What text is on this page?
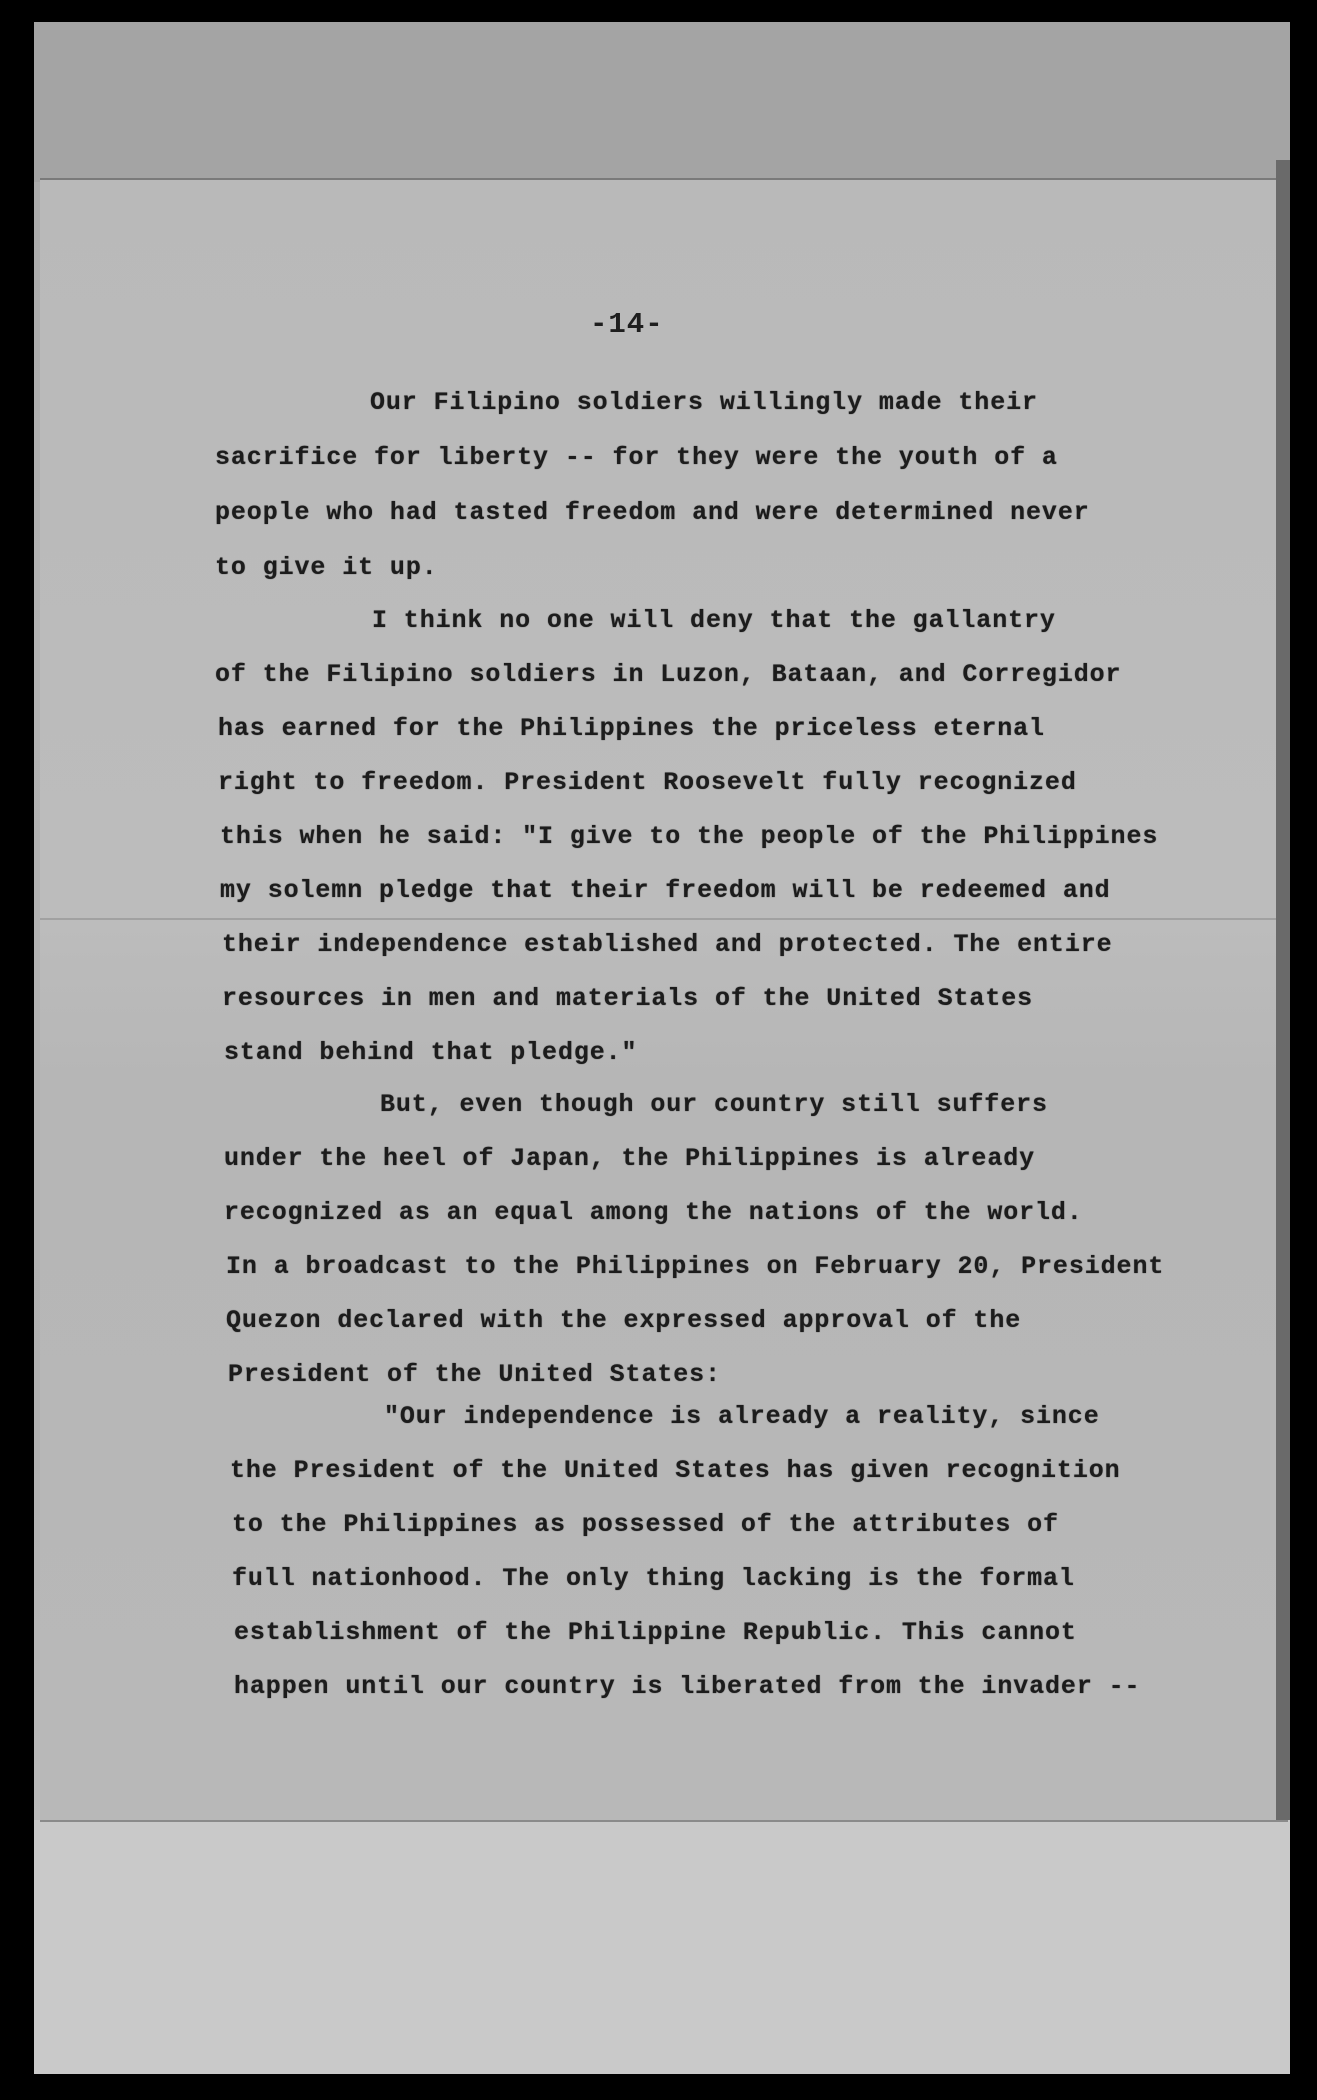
-14-
Our Filipino soldiers willingly made their
sacrifice for liberty -- for they were the youth of a
people who had tasted freedom and were determined never
to give it up.
I think no one will deny that the gallantry
of the Filipino soldiers in Luzon, Bataan, and Corregidor
has earned for the Philippines the priceless eternal
right to freedom. President Roosevelt fully recognized
this when he said: "I give to the people of the Philippines
my solemn pledge that their freedom will be redeemed and
their independence established and protected. The entire
resources in men and materials of the United States
stand behind that pledge."
But, even though our country still suffers
under the heel of Japan, the Philippines is already
recognized as an equal among the nations of the world.
In a broadcast to the Philippines on February 20, President
Quezon declared with the expressed approval of the
President of the United States:
"Our independence is already a reality, since
the President of the United States has given recognition
to the Philippines as possessed of the attributes of
full nationhood. The only thing lacking is the formal
establishment of the Philippine Republic. This cannot
happen until our country is liberated from the invader --
